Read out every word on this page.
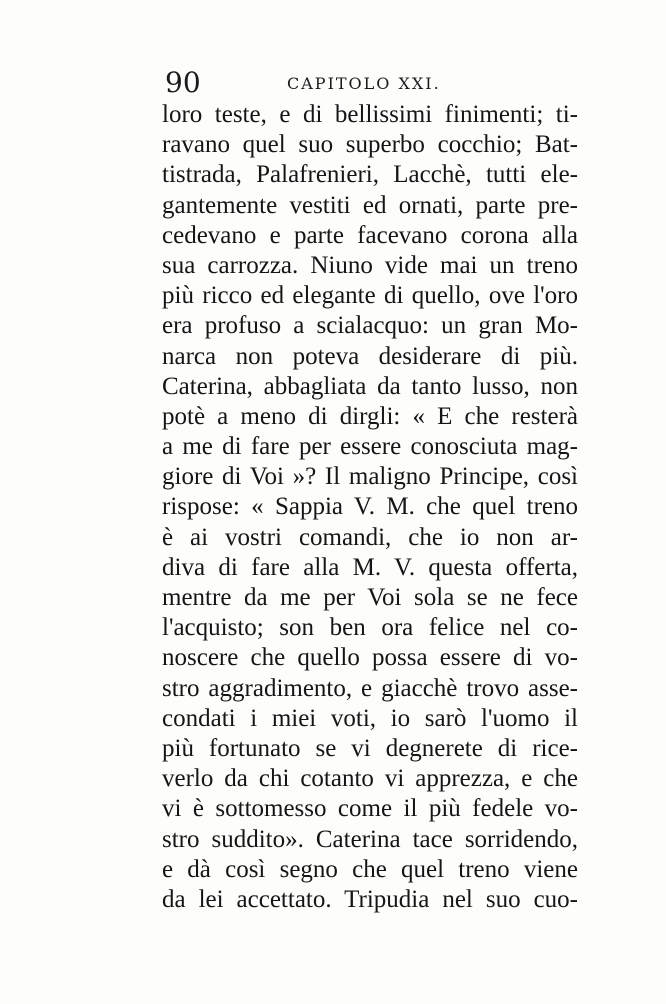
90	CAPITOLO XXI.
loro teste, e di bellissimi finimenti; ti-
ravano quel suo superbo cocchio; Bat-
tistrada, Palafrenieri, Lacchè, tutti ele-
gantemente vestiti ed ornati, parte pre-
cedevano e parte facevano corona alla
sua carrozza. Niuno vide mai un treno
più ricco ed elegante di quello, ove l'oro
era profuso a scialacquo: un gran Mo-
narca non poteva desiderare di più.
Caterina, abbagliata da tanto lusso, non
potè a meno di dirgli: « E che resterà
a me di fare per essere conosciuta mag-
giore di Voi »? Il maligno Principe, così
rispose: « Sappia V. M. che quel treno
è ai vostri comandi, che io non ar-
diva di fare alla M. V. questa offerta,
mentre da me per Voi sola se ne fece
l'acquisto; son ben ora felice nel co-
noscere che quello possa essere di vo-
stro aggradimento, e giacchè trovo asse-
condati i miei voti, io sarò l'uomo il
più fortunato se vi degnerete di rice-
verlo da chi cotanto vi apprezza, e che
vi è sottomesso come il più fedele vo-
stro suddito». Caterina tace sorridendo,
e dà così segno che quel treno viene
da lei accettato. Tripudia nel suo cuo-
